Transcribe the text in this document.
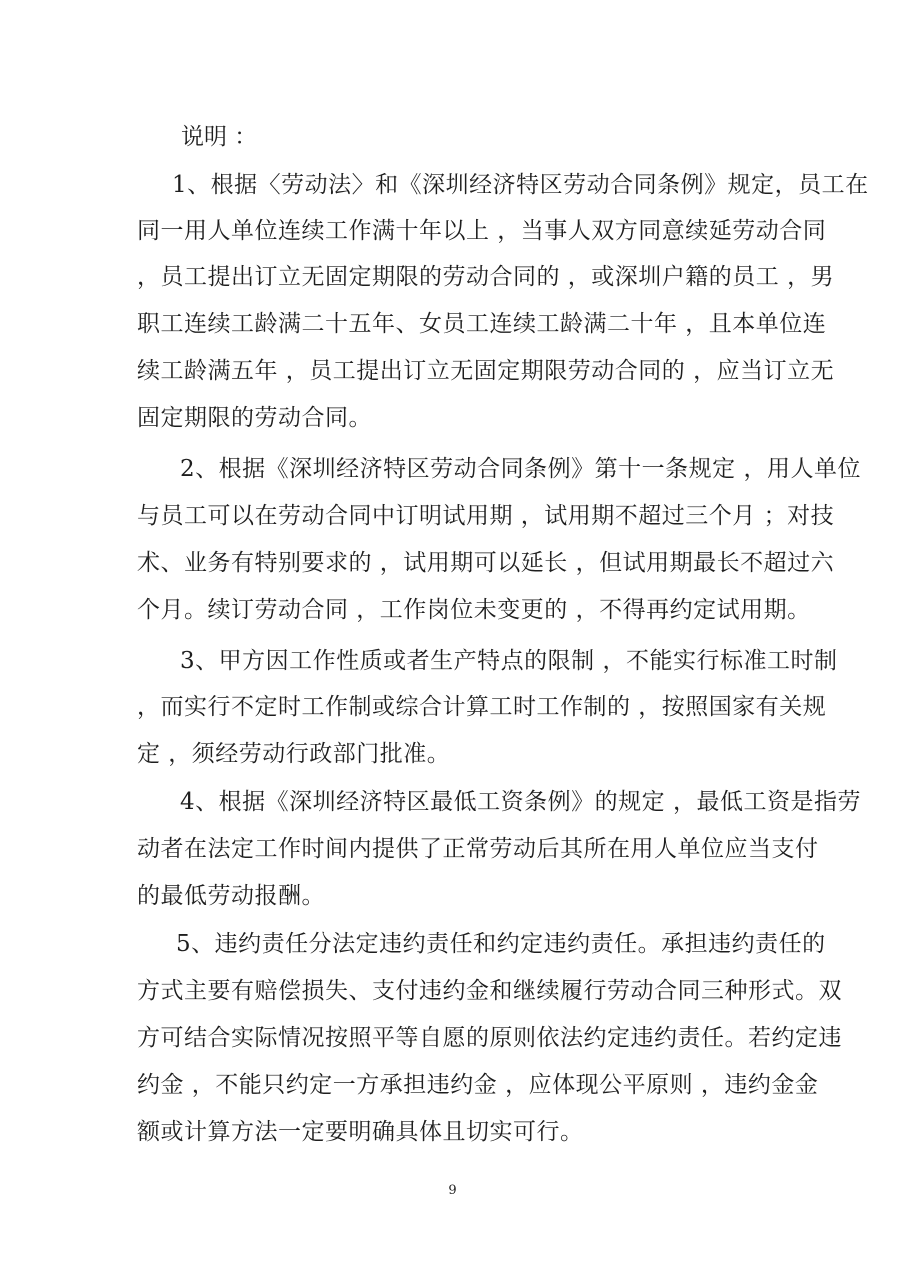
说明 ：
1、根据〈劳动法〉和《深圳经济特区劳动合同条例》规定，员工在
同一用人单位连续工作满十年以上 ，当事人双方同意续延劳动合同
，员工提出订立无固定期限的劳动合同的 ，或深圳户籍的员工 ，男
职工连续工龄满二十五年、女员工连续工龄满二十年 ，且本单位连
续工龄满五年 ，员工提出订立无固定期限劳动合同的 ，应当订立无
固定期限的劳动合同。
2、根据《深圳经济特区劳动合同条例》第十一条规定 ，用人单位
与员工可以在劳动合同中订明试用期 ，试用期不超过三个月 ；对技
术、业务有特别要求的 ，试用期可以延长 ，但试用期最长不超过六
个月。续订劳动合同 ，工作岗位未变更的 ，不得再约定试用期。
3、甲方因工作性质或者生产特点的限制 ，不能实行标准工时制
，而实行不定时工作制或综合计算工时工作制的 ，按照国家有关规
定 ，须经劳动行政部门批准。
4、根据《深圳经济特区最低工资条例》的规定 ，最低工资是指劳
动者在法定工作时间内提供了正常劳动后其所在用人单位应当支付
的最低劳动报酬。
5、违约责任分法定违约责任和约定违约责任。承担违约责任的
方式主要有赔偿损失、支付违约金和继续履行劳动合同三种形式。双
方可结合实际情况按照平等自愿的原则依法约定违约责任。若约定违
约金 ，不能只约定一方承担违约金 ，应体现公平原则 ，违约金金
额或计算方法一定要明确具体且切实可行。
9
